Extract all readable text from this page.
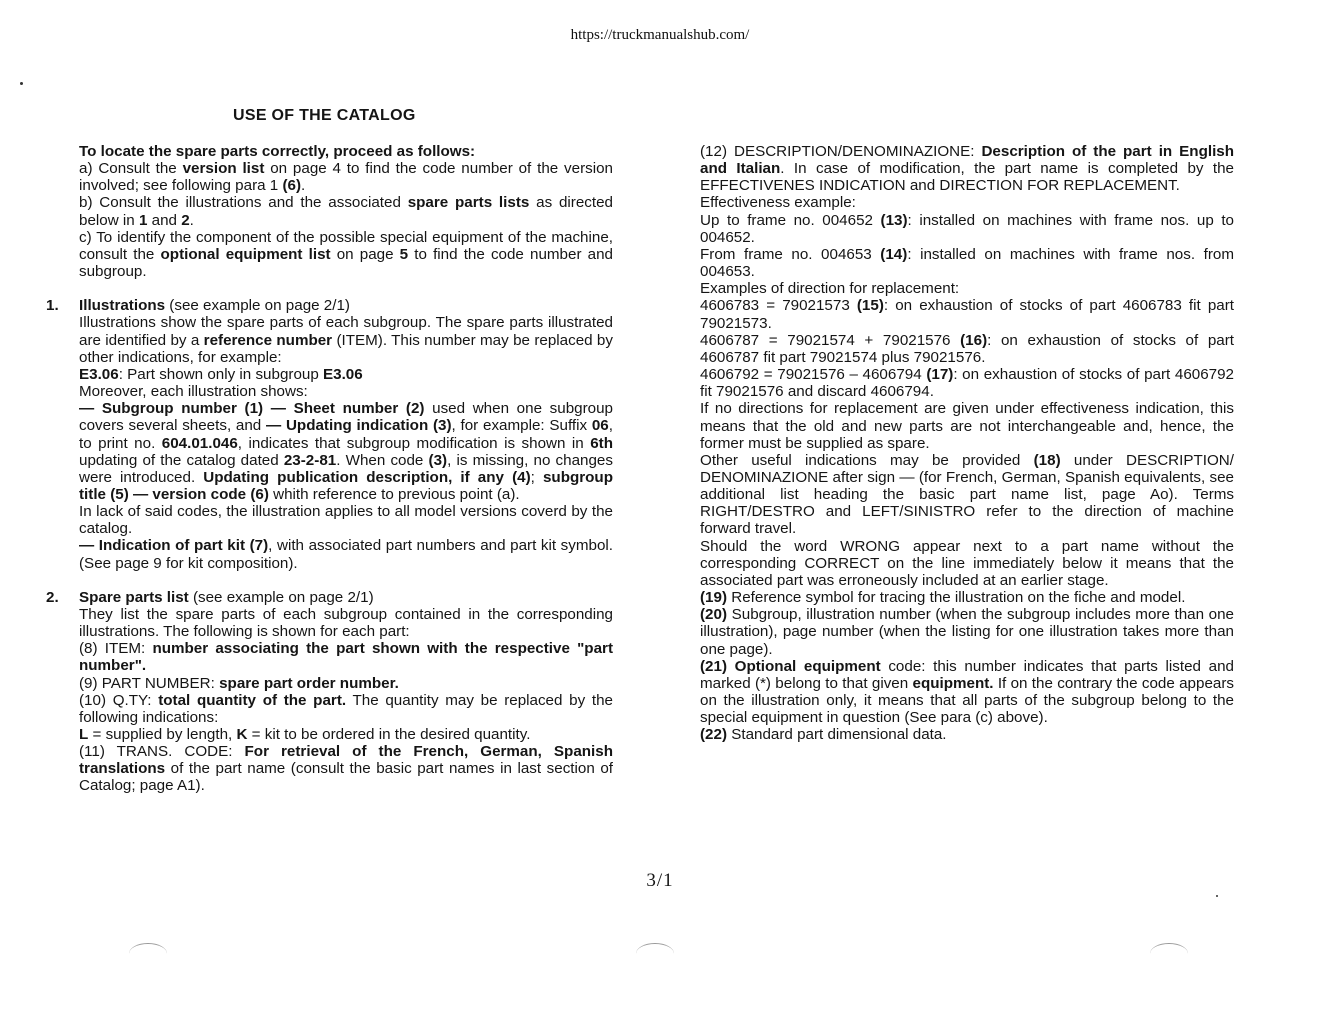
https://truckmanualshub.com/
USE OF THE CATALOG
To locate the spare parts correctly, proceed as follows:
a) Consult the version list on page 4 to find the code number of the version involved; see following para 1 (6).
b) Consult the illustrations and the associated spare parts lists as directed below in 1 and 2.
c) To identify the component of the possible special equipment of the machine, consult the optional equipment list on page 5 to find the code number and subgroup.
1.	Illustrations (see example on page 2/1)
Illustrations show the spare parts of each subgroup. The spare parts illustrated are identified by a reference number (ITEM). This number may be replaced by other indications, for example:
E3.06: Part shown only in subgroup E3.06
Moreover, each illustration shows:
— Subgroup number (1) — Sheet number (2) used when one subgroup covers several sheets, and — Updating indication (3), for example: Suffix 06, to print no. 604.01.046, indicates that subgroup modification is shown in 6th updating of the catalog dated 23-2-81. When code (3), is missing, no changes were introduced. Updating publication description, if any (4); subgroup title (5) — version code (6) whith reference to previous point (a).
In lack of said codes, the illustration applies to all model versions coverd by the catalog.
— Indication of part kit (7), with associated part numbers and part kit symbol. (See page 9 for kit composition).
2.	Spare parts list (see example on page 2/1)
They list the spare parts of each subgroup contained in the corresponding illustrations. The following is shown for each part:
(8) ITEM: number associating the part shown with the respective "part number".
(9) PART NUMBER: spare part order number.
(10) Q.TY: total quantity of the part. The quantity may be replaced by the following indications:
L = supplied by length, K = kit to be ordered in the desired quantity.
(11) TRANS. CODE: For retrieval of the French, German, Spanish translations of the part name (consult the basic part names in last section of Catalog; page A1).
(12) DESCRIPTION/DENOMINAZIONE: Description of the part in English and Italian. In case of modification, the part name is completed by the EFFECTIVENES INDICATION and DIRECTION FOR REPLACEMENT.
Effectiveness example:
Up to frame no. 004652 (13): installed on machines with frame nos. up to 004652.
From frame no. 004653 (14): installed on machines with frame nos. from 004653.
Examples of direction for replacement:
4606783 = 79021573 (15): on exhaustion of stocks of part 4606783 fit part 79021573.
4606787 = 79021574 + 79021576 (16): on exhaustion of stocks of part 4606787 fit part 79021574 plus 79021576.
4606792 = 79021576 – 4606794 (17): on exhaustion of stocks of part 4606792 fit 79021576 and discard 4606794.
If no directions for replacement are given under effectiveness indication, this means that the old and new parts are not interchangeable and, hence, the former must be supplied as spare.
Other useful indications may be provided (18) under DESCRIPTION/ DENOMINAZIONE after sign — (for French, German, Spanish equivalents, see additional list heading the basic part name list, page Ao). Terms RIGHT/DESTRO and LEFT/SINISTRO refer to the direction of machine forward travel.
Should the word WRONG appear next to a part name without the corresponding CORRECT on the line immediately below it means that the associated part was erroneously included at an earlier stage.
(19) Reference symbol for tracing the illustration on the fiche and model.
(20) Subgroup, illustration number (when the subgroup includes more than one illustration), page number (when the listing for one illustration takes more than one page).
(21) Optional equipment code: this number indicates that parts listed and marked (*) belong to that given equipment. If on the contrary the code appears on the illustration only, it means that all parts of the subgroup belong to the special equipment in question (See para (c) above).
(22) Standard part dimensional data.
3/1
